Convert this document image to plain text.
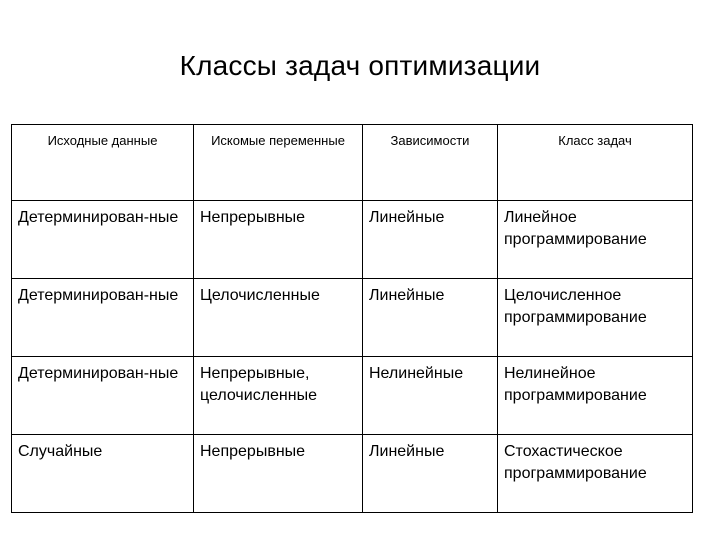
Классы задач оптимизации
Исходные данные	Искомые переменные	Зависимости	Класс задач

Детерминирован-ные	Непрерывные	Линейные	Линейное программирование

Детерминирован-ные	Целочисленные	Линейные	Целочисленное программирование

Детерминирован-ные	Непрерывные, целочисленные	Нелинейные	Нелинейное программирование

Случайные	Непрерывные	Линейные	Стохастическое программирование
